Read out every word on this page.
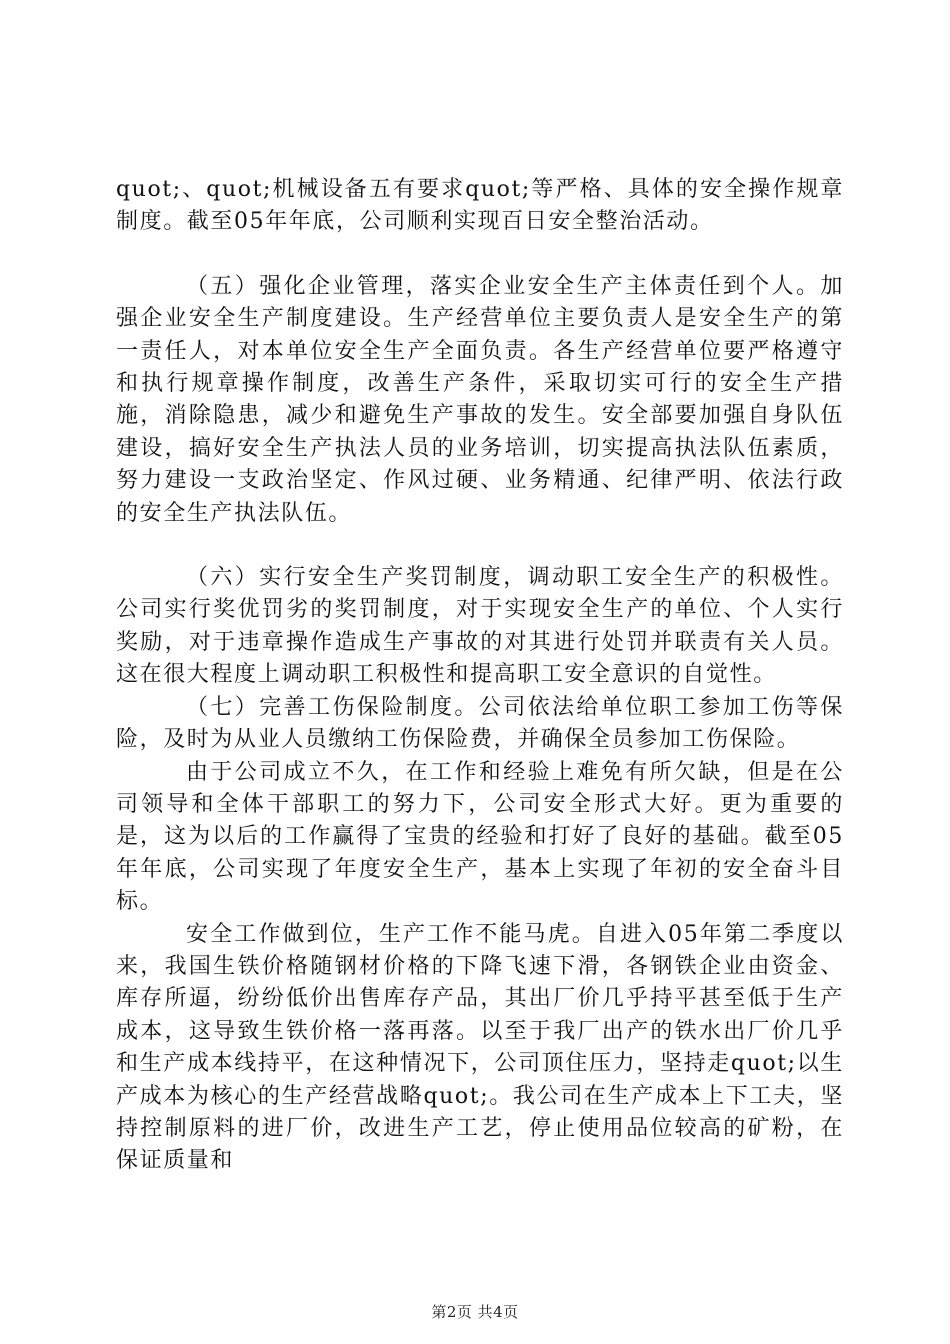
quot;、quot;机械设备五有要求quot;等严格、具体的安全操作规章制度。截至05年年底，公司顺利实现百日安全整治活动。

（五）强化企业管理，落实企业安全生产主体责任到个人。加强企业安全生产制度建设。生产经营单位主要负责人是安全生产的第一责任人，对本单位安全生产全面负责。各生产经营单位要严格遵守和执行规章操作制度，改善生产条件，采取切实可行的安全生产措施，消除隐患，减少和避免生产事故的发生。安全部要加强自身队伍建设，搞好安全生产执法人员的业务培训，切实提高执法队伍素质，努力建设一支政治坚定、作风过硬、业务精通、纪律严明、依法行政的安全生产执法队伍。

（六）实行安全生产奖罚制度，调动职工安全生产的积极性。公司实行奖优罚劣的奖罚制度，对于实现安全生产的单位、个人实行奖励，对于违章操作造成生产事故的对其进行处罚并联责有关人员。这在很大程度上调动职工积极性和提高职工安全意识的自觉性。

（七）完善工伤保险制度。公司依法给单位职工参加工伤等保险，及时为从业人员缴纳工伤保险费，并确保全员参加工伤保险。

由于公司成立不久，在工作和经验上难免有所欠缺，但是在公司领导和全体干部职工的努力下，公司安全形式大好。更为重要的是，这为以后的工作赢得了宝贵的经验和打好了良好的基础。截至05年年底，公司实现了年度安全生产，基本上实现了年初的安全奋斗目标。

安全工作做到位，生产工作不能马虎。自进入05年第二季度以来，我国生铁价格随钢材价格的下降飞速下滑，各钢铁企业由资金、库存所逼，纷纷低价出售库存产品，其出厂价几乎持平甚至低于生产成本，这导致生铁价格一落再落。以至于我厂出产的铁水出厂价几乎和生产成本线持平，在这种情况下，公司顶住压力，坚持走quot;以生产成本为核心的生产经营战略quot;。我公司在生产成本上下工夫，坚持控制原料的进厂价，改进生产工艺，停止使用品位较高的矿粉，在保证质量和

第2页 共4页
